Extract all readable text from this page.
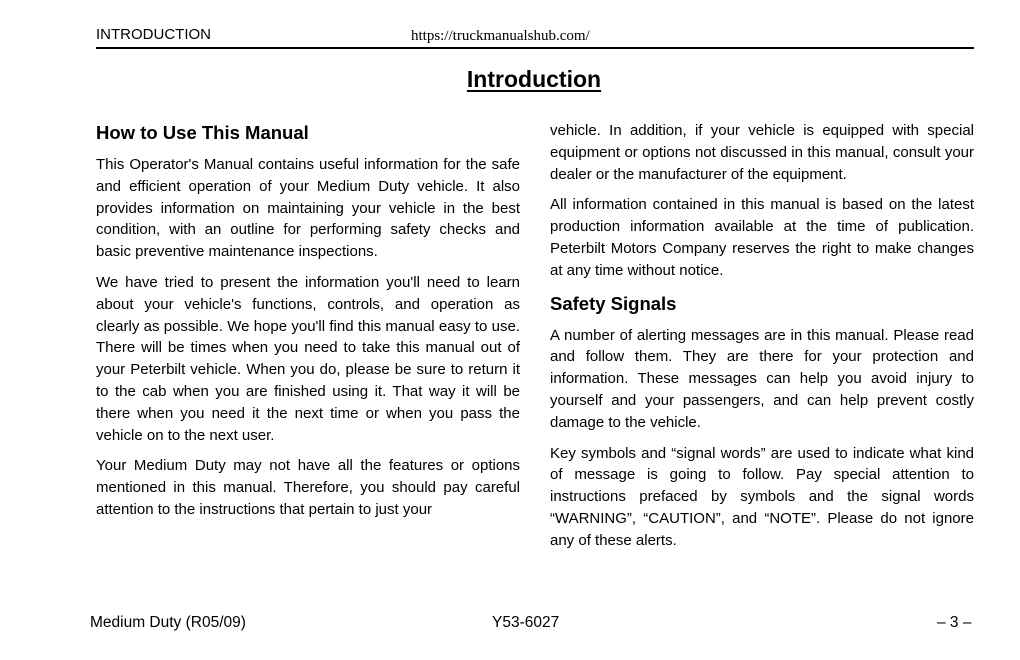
INTRODUCTION	https://truckmanualshub.com/
Introduction
How to Use This Manual

This Operator's Manual contains useful information for the safe and efficient operation of your Medium Duty vehicle. It also provides information on maintaining your vehicle in the best condition, with an outline for performing safety checks and basic preventive maintenance inspections.

We have tried to present the information you'll need to learn about your vehicle's functions, controls, and operation as clearly as possible. We hope you'll find this manual easy to use. There will be times when you need to take this manual out of your Peterbilt vehicle. When you do, please be sure to return it to the cab when you are finished using it. That way it will be there when you need it the next time or when you pass the vehicle on to the next user.

Your Medium Duty may not have all the features or options mentioned in this manual. Therefore, you should pay careful attention to the instructions that pertain to just your

vehicle. In addition, if your vehicle is equipped with special equipment or options not discussed in this manual, consult your dealer or the manufacturer of the equipment.

All information contained in this manual is based on the latest production information available at the time of publication. Peterbilt Motors Company reserves the right to make changes at any time without notice.

Safety Signals

A number of alerting messages are in this manual. Please read and follow them. They are there for your protection and information. These messages can help you avoid injury to yourself and your passengers, and can help prevent costly damage to the vehicle.

Key symbols and “signal words” are used to indicate what kind of message is going to follow. Pay special attention to instructions prefaced by symbols and the signal words “WARNING”, “CAUTION”, and “NOTE”. Please do not ignore any of these alerts.

Medium Duty (R05/09)	Y53-6027	– 3 –
